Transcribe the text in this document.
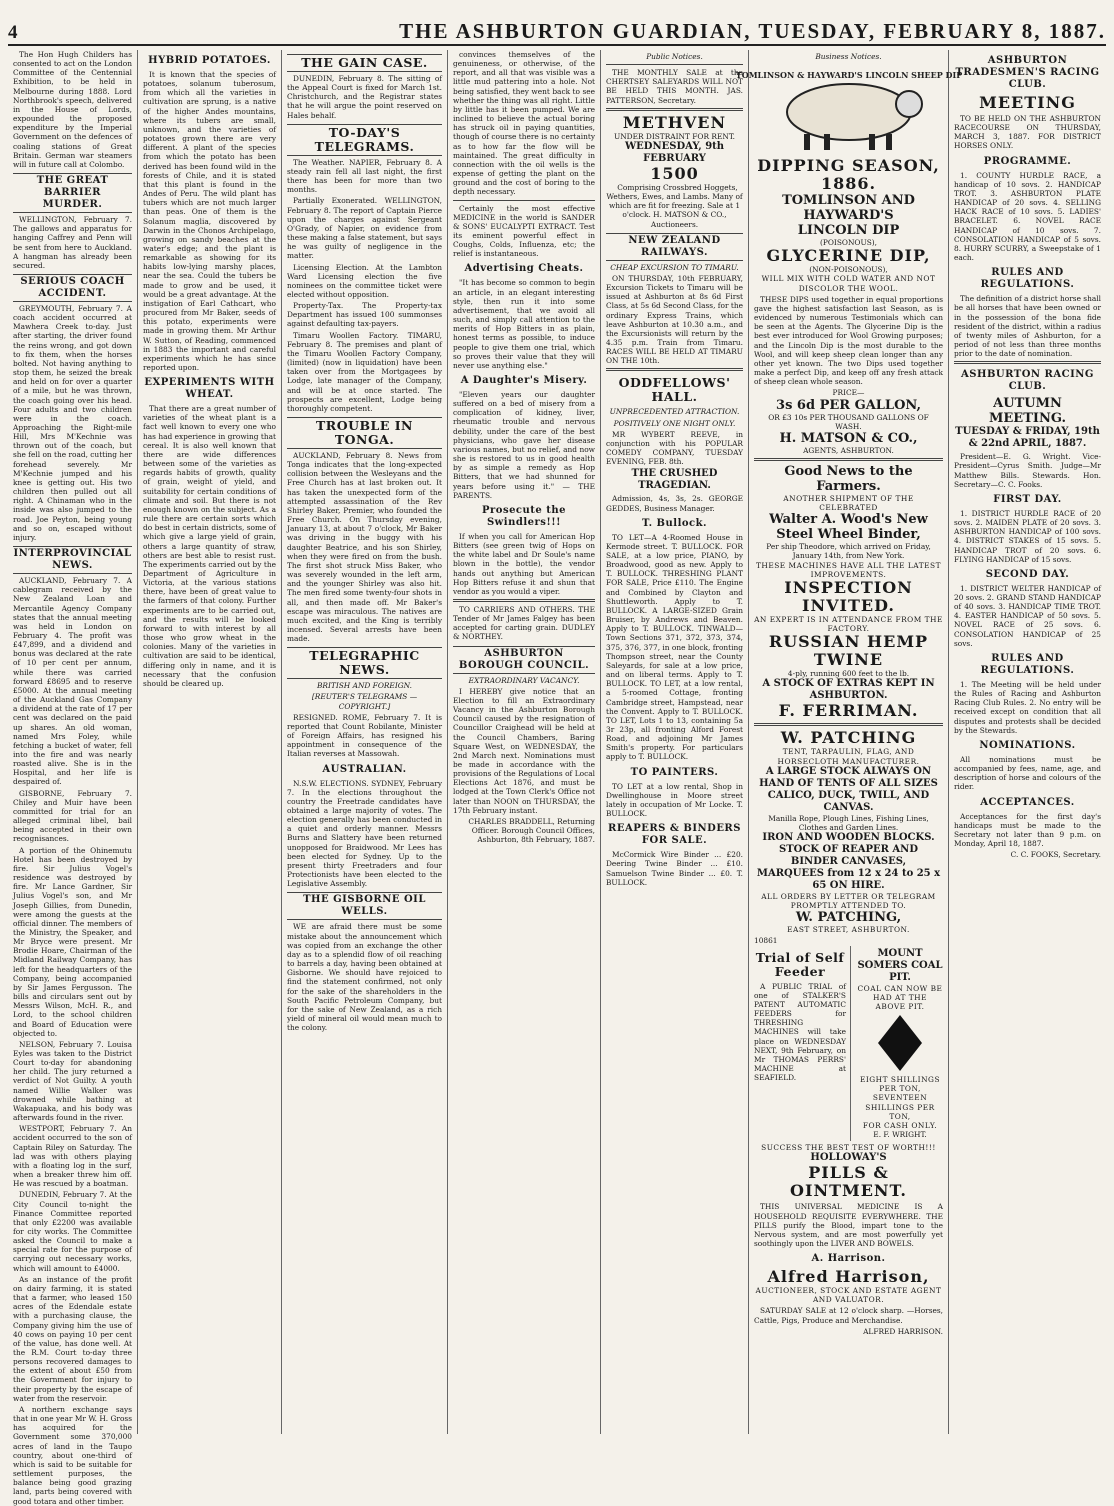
4	THE ASHBURTON GUARDIAN, TUESDAY, FEBRUARY 8, 1887.

The Hon Hugh Childers has consented to act on the London Committee of the Centennial Exhibition, to be held in Melbourne during 1888. Lord Northbrook's speech, delivered in the House of Lords, expounded the proposed expenditure by the Imperial Government on the defences of coaling stations of Great Britain. German war steamers will in future call at Colombo.

THE GREAT BARRIER MURDER.

WELLINGTON, February 7. The gallows and apparatus for hanging Caffrey and Penn will be sent from here to Auckland. A hangman has already been secured.

SERIOUS COACH ACCIDENT.

GREYMOUTH, February 7. A coach accident occurred at Mawhera Creek to-day. Just after starting, the driver found the reins wrong, and got down to fix them, when the horses bolted. Not having anything to stop them, he seized the break and held on for over a quarter of a mile, but he was thrown, the coach going over his head. Four adults and two children were in the coach. Approaching the Right-mile Hill, Mrs M'Kechnie was thrown out of the coach, but she fell on the road, cutting her forehead severely. Mr M'Kechnie jumped and his knee is getting out. His two children then pulled out all right. A Chinaman who in the inside was also jumped to the road. Joe Peyton, being young and so on, escaped without injury.

INTERPROVINCIAL NEWS.

AUCKLAND, February 7. A cablegram received by the New Zealand Loan and Mercantile Agency Company states that the annual meeting was held in London on February 4. The profit was £47,899, and a dividend and bonus was declared at the rate of 10 per cent per annum, while there was carried forward £8695 and to reserve £5000. At the annual meeting of the Auckland Gas Company a dividend at the rate of 17 per cent was declared on the paid up shares. An old woman, named Mrs Foley, while fetching a bucket of water, fell into the fire and was nearly roasted alive. She is in the Hospital, and her life is despaired of.

GISBORNE, February 7. Chiley and Muir have been committed for trial for an alleged criminal libel, bail being accepted in their own recognisances.

A portion of the Ohinemutu Hotel has been destroyed by fire. Sir Julius Vogel's residence was destroyed by fire. Mr Lance Gardner, Sir Julius Vogel's son, and Mr Joseph Gillies, from Dunedin, were among the guests at the official dinner. The members of the Ministry, the Speaker, and Mr Bryce were present. Mr Brodie Hoare, Chairman of the Midland Railway Company, has left for the headquarters of the Company, being accompanied by Sir James Fergusson. The bills and circulars sent out by Messrs Wilson, McH. R., and Lord, to the school children and Board of Education were objected to.

NELSON, February 7. Louisa Eyles was taken to the District Court to-day for abandoning her child. The jury returned a verdict of Not Guilty. A youth named Willie Walker was drowned while bathing at Wakapuaka, and his body was afterwards found in the river.

WESTPORT, February 7. An accident occurred to the son of Captain Riley on Saturday. The lad was with others playing with a floating log in the surf, when a breaker threw him off. He was rescued by a boatman.

DUNEDIN, February 7. At the City Council to-night the Finance Committee reported that only £2200 was available for city works. The Committee asked the Council to make a special rate for the purpose of carrying out necessary works, which will amount to £4000.

As an instance of the profit on dairy farming, it is stated that a farmer, who leased 150 acres of the Edendale estate with a purchasing clause, the Company giving him the use of 40 cows on paying 10 per cent of the value, has done well. At the R.M. Court to-day three persons recovered damages to the extent of about £50 from the Government for injury to their property by the escape of water from the reservoir.

A northern exchange says that in one year Mr W. H. Gross has acquired for the Government some 370,000 acres of land in the Taupo country, about one-third of which is said to be suitable for settlement purposes, the balance being good grazing land, parts being covered with good totara and other timber.

HYBRID POTATOES.

It is known that the species of potatoes, solanum tuberosum, from which all the varieties in cultivation are sprung, is a native of the higher Andes mountains, where its tubers are small, unknown, and the varieties of potatoes grown there are very different. A plant of the species from which the potato has been derived has been found wild in the forests of Chile, and it is stated that this plant is found in the Andes of Peru. The wild plant has tubers which are not much larger than peas. One of them is the Solanum maglia, discovered by Darwin in the Chonos Archipelago, growing on sandy beaches at the water's edge; and the plant is remarkable as showing for its habits low-lying marshy places, near the sea. Could the tubers be made to grow and be used, it would be a great advantage. At the instigation of Earl Cathcart, who procured from Mr Baker, seeds of this potato, experiments were made in growing them. Mr Arthur W. Sutton, of Reading, commenced in 1883 the important and careful experiments which he has since reported upon.

EXPERIMENTS WITH WHEAT.

That there are a great number of varieties of the wheat plant is a fact well known to every one who has had experience in growing that cereal. It is also well known that there are wide differences between some of the varieties as regards habits of growth, quality of grain, weight of yield, and suitability for certain conditions of climate and soil. But there is not enough known on the subject. As a rule there are certain sorts which do best in certain districts, some of which give a large yield of grain, others a large quantity of straw, others are best able to resist rust. The experiments carried out by the Department of Agriculture in Victoria, at the various stations there, have been of great value to the farmers of that colony. Further experiments are to be carried out, and the results will be looked forward to with interest by all those who grow wheat in the colonies. Many of the varieties in cultivation are said to be identical, differing only in name, and it is necessary that the confusion should be cleared up.

THE GAIN CASE.

DUNEDIN, February 8. The sitting of the Appeal Court is fixed for March 1st. Christchurch, and the Registrar states that he will argue the point reserved on Hales behalf.

TO-DAY'S TELEGRAMS.

The Weather. NAPIER, February 8. A steady rain fell all last night, the first there has been for more than two months.

Partially Exonerated. WELLINGTON, February 8. The report of Captain Pierce upon the charges against Sergeant O'Grady, of Napier, on evidence from these making a false statement, but says he was guilty of negligence in the matter.

Licensing Election. At the Lambton Ward Licensing election the five nominees on the committee ticket were elected without opposition.

Property-Tax. The Property-tax Department has issued 100 summonses against defaulting tax-payers.

Timaru Woollen Factory. TIMARU, February 8. The premises and plant of the Timaru Woollen Factory Company, (limited) (now in liquidation) have been taken over from the Mortgagees by Lodge, late manager of the Company, and will be at once started. The prospects are excellent, Lodge being thoroughly competent.

TROUBLE IN TONGA.

AUCKLAND, February 8. News from Tonga indicates that the long-expected collision between the Wesleyans and the Free Church has at last broken out. It has taken the unexpected form of the attempted assassination of the Rev Shirley Baker, Premier, who founded the Free Church. On Thursday evening, January 13, at about 7 o'clock, Mr Baker was driving in the buggy with his daughter Beatrice, and his son Shirley, when they were fired on from the bush. The first shot struck Miss Baker, who was severely wounded in the left arm, and the younger Shirley was also hit. The men fired some twenty-four shots in all, and then made off. Mr Baker's escape was miraculous. The natives are much excited, and the King is terribly incensed. Several arrests have been made.

TELEGRAPHIC NEWS.
BRITISH AND FOREIGN.
[REUTER'S TELEGRAMS — COPYRIGHT.]

RESIGNED. ROME, February 7. It is reported that Count Robilante, Minister of Foreign Affairs, has resigned his appointment in consequence of the Italian reverses at Massowah.

AUSTRALIAN.

N.S.W. ELECTIONS. SYDNEY, February 7. In the elections throughout the country the Freetrade candidates have obtained a large majority of votes. The election generally has been conducted in a quiet and orderly manner. Messrs Burns and Slattery have been returned unopposed for Braidwood. Mr Lees has been elected for Sydney. Up to the present thirty Freetraders and four Protectionists have been elected to the Legislative Assembly.

THE GISBORNE OIL WELLS.

WE are afraid there must be some mistake about the announcement which was copied from an exchange the other day as to a splendid flow of oil reaching to barrels a day, having been obtained at Gisborne. We should have rejoiced to find the statement confirmed, not only for the sake of the shareholders in the South Pacific Petroleum Company, but for the sake of New Zealand, as a rich yield of mineral oil would mean much to the colony.

convinces themselves of the genuineness, or otherwise, of the report, and all that was visible was a little mud pattering into a hole. Not being satisfied, they went back to see whether the thing was all right. Little by little has it been pumped. We are inclined to believe the actual boring has struck oil in paying quantities, though of course there is no certainty as to how far the flow will be maintained. The great difficulty in connection with the oil wells is the expense of getting the plant on the ground and the cost of boring to the depth necessary.

Certainly the most effective MEDICINE in the world is SANDER & SONS' EUCALYPTI EXTRACT. Test its eminent powerful effect in Coughs, Colds, Influenza, etc; the relief is instantaneous.

Advertising Cheats.

"It has become so common to begin an article, in an elegant interesting style, then run it into some advertisement, that we avoid all such, and simply call attention to the merits of Hop Bitters in as plain, honest terms as possible, to induce people to give them one trial, which so proves their value that they will never use anything else."

A Daughter's Misery.

"Eleven years our daughter suffered on a bed of misery from a complication of kidney, liver, rheumatic trouble and nervous debility, under the care of the best physicians, who gave her disease various names, but no relief, and now she is restored to us in good health by as simple a remedy as Hop Bitters, that we had shunned for years before using it." — THE PARENTS.

Prosecute the Swindlers!!!

If when you call for American Hop Bitters (see green twig of Hops on the white label and Dr Soule's name blown in the bottle), the vendor hands out anything but American Hop Bitters refuse it and shun that vendor as you would a viper.

TO CARRIERS AND OTHERS. THE Tender of Mr James Falgey has been accepted for carting grain. DUDLEY & NORTHEY.

ASHBURTON BOROUGH COUNCIL.
EXTRAORDINARY VACANCY.

I HEREBY give notice that an Election to fill an Extraordinary Vacancy in the Ashburton Borough Council caused by the resignation of Councillor Craighead will be held at the Council Chambers, Baring Square West, on WEDNESDAY, the 2nd March next. Nominations must be made in accordance with the provisions of the Regulations of Local Elections Act 1876, and must be lodged at the Town Clerk's Office not later than NOON on THURSDAY, the 17th February instant.

CHARLES BRADDELL, Returning Officer. Borough Council Offices, Ashburton, 8th February, 1887.

Public Notices.

THE MONTHLY SALE at the CHERTSEY SALEYARDS WILL NOT BE HELD THIS MONTH. JAS. PATTERSON, Secretary.

METHVEN
UNDER DISTRAINT FOR RENT.
WEDNESDAY, 9th FEBRUARY
1500

Comprising Crossbred Hoggets, Wethers, Ewes, and Lambs. Many of which are fit for freezing. Sale at 1 o'clock. H. MATSON & CO., Auctioneers.

NEW ZEALAND RAILWAYS.
CHEAP EXCURSION TO TIMARU.

ON THURSDAY, 10th FEBRUARY, Excursion Tickets to Timaru will be issued at Ashburton at 8s 6d First Class, at 5s 6d Second Class, for the ordinary Express Trains, which leave Ashburton at 10.30 a.m., and the Excursionists will return by the 4.35 p.m. Train from Timaru. RACES WILL BE HELD AT TIMARU ON THE 10th.

ODDFELLOWS' HALL.
UNPRECEDENTED ATTRACTION.
POSITIVELY ONE NIGHT ONLY.

MR WYBERT REEVE, in conjunction with his POPULAR COMEDY COMPANY, TUESDAY EVENING, FEB. 8th.

THE CRUSHED TRAGEDIAN.

Admission, 4s, 3s, 2s. GEORGE GEDDES, Business Manager.

T. Bullock.

TO LET—A 4-Roomed House in Kermode street. T. BULLOCK. FOR SALE, at a low price, PIANO, by Broadwood, good as new. Apply to T. BULLOCK. THRESHING PLANT FOR SALE, Price £110. The Engine and Combined by Clayton and Shuttleworth. Apply to T. BULLOCK. A LARGE-SIZED Grain Bruiser, by Andrews and Beaven. Apply to T. BULLOCK. TINWALD—Town Sections 371, 372, 373, 374, 375, 376, 377, in one block, fronting Thompson street, near the County Saleyards, for sale at a low price, and on liberal terms. Apply to T. BULLOCK. TO LET, at a low rental, a 5-roomed Cottage, fronting Cambridge street, Hampstead, near the Convent. Apply to T. BULLOCK. TO LET, Lots 1 to 13, containing 5a 3r 23p, all fronting Alford Forest Road, and adjoining Mr James Smith's property. For particulars apply to T. BULLOCK.

TO PAINTERS.

TO LET at a low rental, Shop in Dwellinghouse in Moore street lately in occupation of Mr Locke. T. BULLOCK.

REAPERS & BINDERS FOR SALE.

McCormick Wire Binder ... £20. Deering Twine Binder ... £10. Samuelson Twine Binder ... £0. T. BULLOCK.

Business Notices.
TOMLINSON & HAYWARD'S LINCOLN SHEEP DIP
DIPPING SEASON, 1886.
TOMLINSON AND HAYWARD'S
LINCOLN DIP
(POISONOUS),
GLYCERINE DIP,
(NON-POISONOUS),
WILL MIX WITH COLD WATER AND NOT DISCOLOR THE WOOL.

THESE DIPS used together in equal proportions gave the highest satisfaction last Season, as is evidenced by numerous Testimonials which can be seen at the Agents. The Glycerine Dip is the best ever introduced for Wool Growing purposes; and the Lincoln Dip is the most durable to the Wool, and will keep sheep clean longer than any other yet known. The two Dips used together make a perfect Dip, and keep off any fresh attack of sheep clean whole season.

PRICE—
3s 6d PER GALLON,
OR £3 10s PER THOUSAND GALLONS OF WASH.
H. MATSON & CO.,
AGENTS, ASHBURTON.
Good News to the Farmers.
ANOTHER SHIPMENT OF THE CELEBRATED
Walter A. Wood's New Steel Wheel Binder,
Per ship Theodore, which arrived on Friday, January 14th, from New York.
THESE MACHINES HAVE ALL THE LATEST IMPROVEMENTS.
INSPECTION INVITED.
AN EXPERT IS IN ATTENDANCE FROM THE FACTORY.
RUSSIAN HEMP TWINE
4-ply, running 600 feet to the lb.
A STOCK OF EXTRAS KEPT IN ASHBURTON.
F. FERRIMAN.
W. PATCHING
TENT, TARPAULIN, FLAG, AND HORSECLOTH MANUFACTURER.
A LARGE STOCK ALWAYS ON HAND OF TENTS OF ALL SIZES CALICO, DUCK, TWILL, AND CANVAS.
Manilla Rope, Plough Lines, Fishing Lines, Clothes and Garden Lines.
IRON AND WOODEN BLOCKS.
STOCK OF REAPER AND BINDER CANVASES,
MARQUEES from 12 x 24 to 25 x 65 ON HIRE.
ALL ORDERS BY LETTER OR TELEGRAM PROMPTLY ATTENDED TO.
W. PATCHING,
EAST STREET, ASHBURTON.
10861
Trial of Self Feeder

A PUBLIC TRIAL of one of STALKER'S PATENT AUTOMATIC FEEDERS for THRESHING MACHINES will take place on WEDNESDAY NEXT, 9th February, on Mr THOMAS PERRS' MACHINE at SEAFIELD.

MOUNT SOMERS COAL PIT.
COAL CAN NOW BE HAD AT THE ABOVE PIT.
EIGHT SHILLINGS PER TON,
SEVENTEEN SHILLINGS PER TON,
FOR CASH ONLY.
E. F. WRIGHT.
SUCCESS THE BEST TEST OF WORTH!!!
HOLLOWAY'S
PILLS & OINTMENT.

THIS UNIVERSAL MEDICINE IS A HOUSEHOLD REQUISITE EVERYWHERE. THE PILLS purify the Blood, impart tone to the Nervous system, and are most powerfully yet soothingly upon the LIVER AND BOWELS.

A. Harrison.
Alfred Harrison,
AUCTIONEER, STOCK AND ESTATE AGENT AND VALUATOR.

SATURDAY SALE at 12 o'clock sharp. —Horses, Cattle, Pigs, Produce and Merchandise.

ALFRED HARRISON.

ASHBURTON TRADESMEN'S RACING CLUB.
MEETING

TO BE HELD ON THE ASHBURTON RACECOURSE ON THURSDAY, MARCH 3, 1887. FOR DISTRICT HORSES ONLY.

PROGRAMME.

1. COUNTY HURDLE RACE, a handicap of 10 sovs. 2. HANDICAP TROT. 3. ASHBURTON PLATE HANDICAP of 20 sovs. 4. SELLING HACK RACE of 10 sovs. 5. LADIES' BRACELET. 6. NOVEL RACE HANDICAP of 10 sovs. 7. CONSOLATION HANDICAP of 5 sovs. 8. HURRY SCURRY, a Sweepstake of 1 each.

RULES AND REGULATIONS.

The definition of a district horse shall be all horses that have been owned or in the possession of the bona fide resident of the district, within a radius of twenty miles of Ashburton, for a period of not less than three months prior to the date of nomination.

ASHBURTON RACING CLUB.
AUTUMN MEETING.
TUESDAY & FRIDAY, 19th & 22nd APRIL, 1887.

President—E. G. Wright. Vice-President—Cyrus Smith. Judge—Mr Matthew Bills. Stewards. Hon. Secretary—C. C. Fooks.

FIRST DAY.

1. DISTRICT HURDLE RACE of 20 sovs. 2. MAIDEN PLATE of 20 sovs. 3. ASHBURTON HANDICAP of 100 sovs. 4. DISTRICT STAKES of 15 sovs. 5. HANDICAP TROT of 20 sovs. 6. FLYING HANDICAP of 15 sovs.

SECOND DAY.

1. DISTRICT WELTER HANDICAP of 20 sovs. 2. GRAND STAND HANDICAP of 40 sovs. 3. HANDICAP TIME TROT. 4. EASTER HANDICAP of 50 sovs. 5. NOVEL RACE of 25 sovs. 6. CONSOLATION HANDICAP of 25 sovs.

RULES AND REGULATIONS.

1. The Meeting will be held under the Rules of Racing and Ashburton Racing Club Rules. 2. No entry will be received except on condition that all disputes and protests shall be decided by the Stewards.

NOMINATIONS.

All nominations must be accompanied by fees, name, age, and description of horse and colours of the rider.

ACCEPTANCES.

Acceptances for the first day's handicaps must be made to the Secretary not later than 9 p.m. on Monday, April 18, 1887.

C. C. FOOKS, Secretary.
